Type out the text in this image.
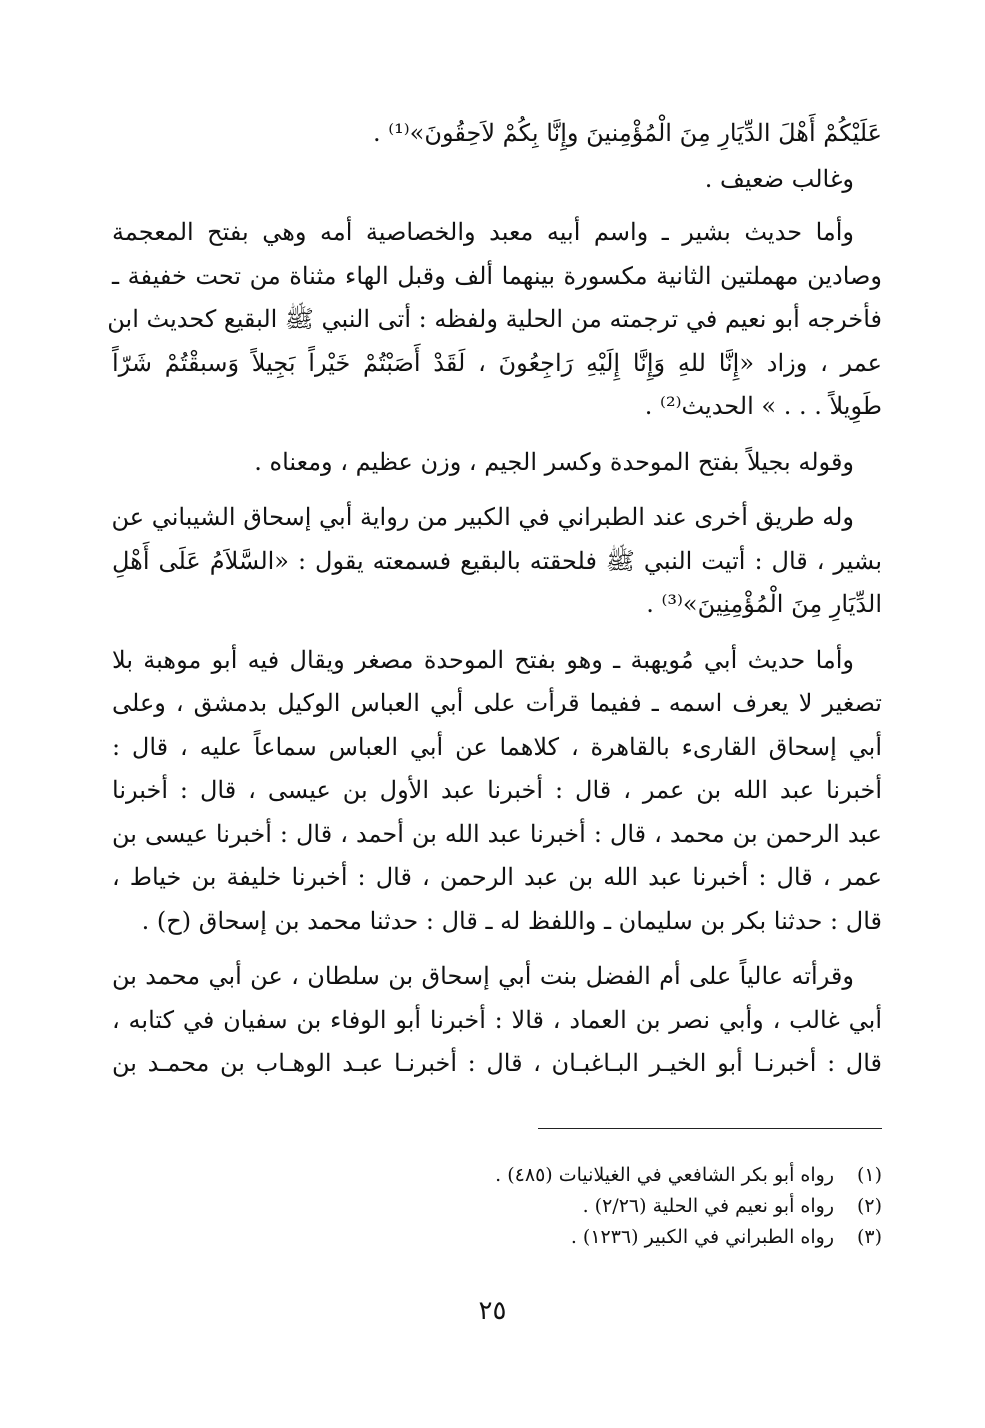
عَلَيْكُمْ أَهْلَ الدِّيَارِ مِنَ الْمُؤْمِنينَ وإِنَّا بِكُمْ لاَحِقُونَ»⁽¹⁾ .

وغالب ضعيف .

وأما حديث بشير ـ واسم أبيه معبد والخصاصية أمه وهي بفتح المعجمة
وصادين مهملتين الثانية مكسورة بينهما ألف وقبل الهاء مثناة من تحت خفيفة ـ
فأخرجه أبو نعيم في ترجمته من الحلية ولفظه : أتى النبي ﷺ البقيع كحديث ابن
عمر ، وزاد «إِنَّا للهِ وَإِنَّا إِلَيْهِ رَاجِعُونَ ، لَقَدْ أَصَبْتُمْ خَيْراً بَجِيلاً وَسبقْتُمْ شَرّاً
طَوِيلاً . . . » الحديث⁽²⁾ .

وقوله بجيلاً بفتح الموحدة وكسر الجيم ، وزن عظيم ، ومعناه .

وله طريق أخرى عند الطبراني في الكبير من رواية أبي إسحاق الشيباني عن
بشير ، قال : أتيت النبي ﷺ فلحقته بالبقيع فسمعته يقول : «السَّلاَمُ عَلَى أَهْلِ
الدِّيَارِ مِنَ الْمُؤْمِنِينَ»⁽³⁾ .

وأما حديث أبي مُويهبة ـ وهو بفتح الموحدة مصغر ويقال فيه أبو موهبة بلا
تصغير لا يعرف اسمه ـ ففيما قرأت على أبي العباس الوكيل بدمشق ، وعلى
أبي إسحاق القارىء بالقاهرة ، كلاهما عن أبي العباس سماعاً عليه ، قال :
أخبرنا عبد الله بن عمر ، قال : أخبرنا عبد الأول بن عيسى ، قال : أخبرنا
عبد الرحمن بن محمد ، قال : أخبرنا عبد الله بن أحمد ، قال : أخبرنا عيسى بن
عمر ، قال : أخبرنا عبد الله بن عبد الرحمن ، قال : أخبرنا خليفة بن خياط ،
قال : حدثنا بكر بن سليمان ـ واللفظ له ـ قال : حدثنا محمد بن إسحاق (ح) .

وقرأته عالياً على أم الفضل بنت أبي إسحاق بن سلطان ، عن أبي محمد بن
أبي غالب ، وأبي نصر بن العماد ، قالا : أخبرنا أبو الوفاء بن سفيان في كتابه ،
قال : أخبرنـا أبو الخيـر البـاغبـان ، قال : أخبرنـا عبـد الوهـاب بن محمـد بن

(١)رواه أبو بكر الشافعي في الغيلانيات (٤٨٥) .
(٢)رواه أبو نعيم في الحلية (٢/٢٦) .
(٣)رواه الطبراني في الكبير (١٢٣٦) .
٢٥
